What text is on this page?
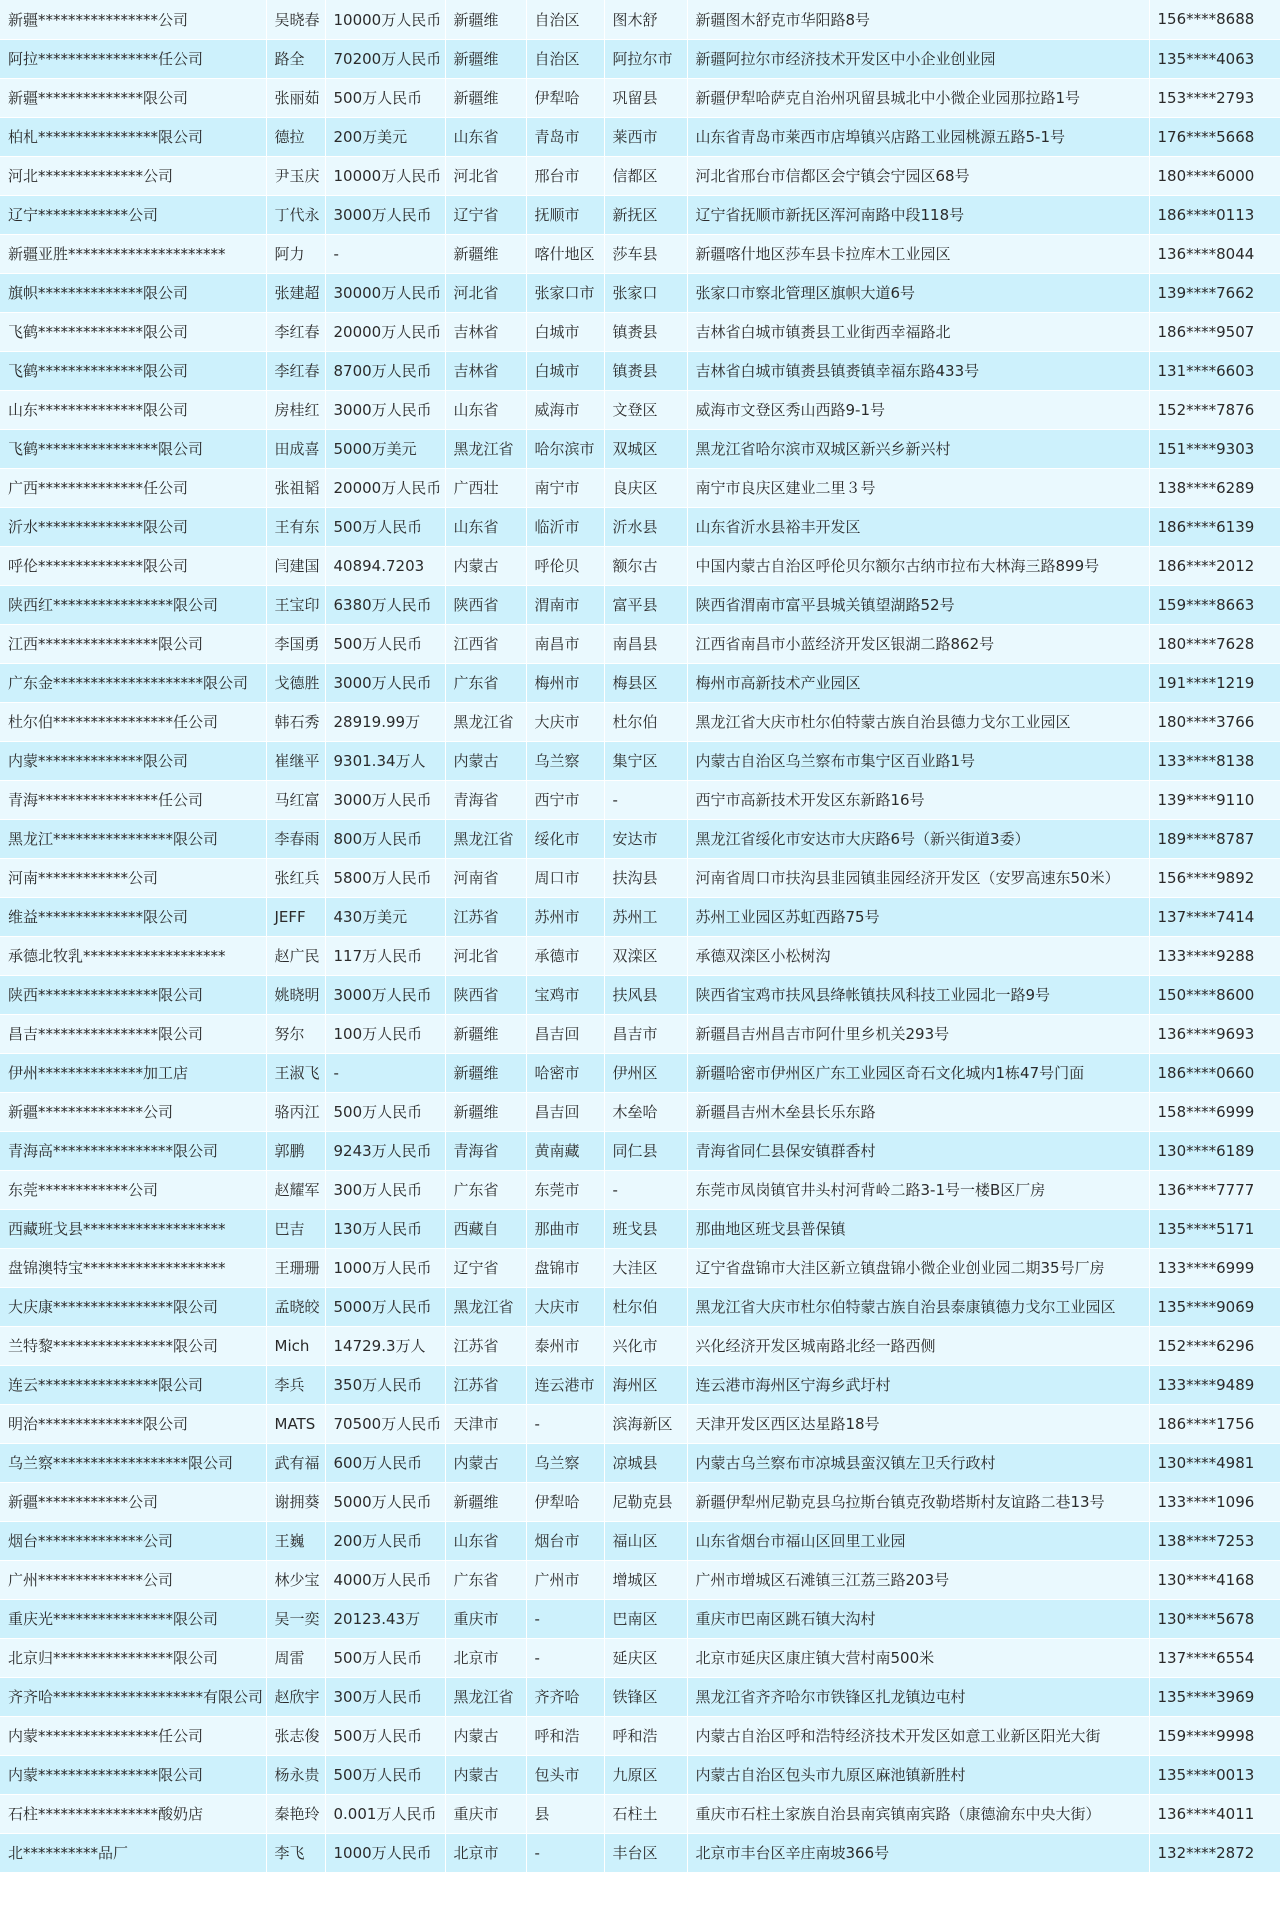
新疆****************公司	吴晓春	10000万人民币	新疆维	自治区	图木舒	新疆图木舒克市华阳路8号	156****8688
阿拉****************任公司	路全	70200万人民币	新疆维	自治区	阿拉尔市	新疆阿拉尔市经济技术开发区中小企业创业园	135****4063
新疆**************限公司	张丽茹	500万人民币	新疆维	伊犁哈	巩留县	新疆伊犁哈萨克自治州巩留县城北中小微企业园那拉路1号	153****2793
柏札****************限公司	德拉	200万美元	山东省	青岛市	莱西市	山东省青岛市莱西市店埠镇兴店路工业园桃源五路5-1号	176****5668
河北**************公司	尹玉庆	10000万人民币	河北省	邢台市	信都区	河北省邢台市信都区会宁镇会宁园区68号	180****6000
辽宁************公司	丁代永	3000万人民币	辽宁省	抚顺市	新抚区	辽宁省抚顺市新抚区浑河南路中段118号	186****0113
新疆亚胜*********************	阿力	-	新疆维	喀什地区	莎车县	新疆喀什地区莎车县卡拉库木工业园区	136****8044
旗帜**************限公司	张建超	30000万人民币	河北省	张家口市	张家口	张家口市察北管理区旗帜大道6号	139****7662
飞鹤**************限公司	李红春	20000万人民币	吉林省	白城市	镇赉县	吉林省白城市镇赉县工业街西幸福路北	186****9507
飞鹤**************限公司	李红春	8700万人民币	吉林省	白城市	镇赉县	吉林省白城市镇赉县镇赉镇幸福东路433号	131****6603
山东**************限公司	房桂红	3000万人民币	山东省	威海市	文登区	威海市文登区秀山西路9-1号	152****7876
飞鹤****************限公司	田成喜	5000万美元	黑龙江省	哈尔滨市	双城区	黑龙江省哈尔滨市双城区新兴乡新兴村	151****9303
广西**************任公司	张祖韬	20000万人民币	广西壮	南宁市	良庆区	南宁市良庆区建业二里３号	138****6289
沂水**************限公司	王有东	500万人民币	山东省	临沂市	沂水县	山东省沂水县裕丰开发区	186****6139
呼伦**************限公司	闫建国	40894.7203	内蒙古	呼伦贝	额尔古	中国内蒙古自治区呼伦贝尔额尔古纳市拉布大林海三路899号	186****2012
陕西红****************限公司	王宝印	6380万人民币	陕西省	渭南市	富平县	陕西省渭南市富平县城关镇望湖路52号	159****8663
江西****************限公司	李国勇	500万人民币	江西省	南昌市	南昌县	江西省南昌市小蓝经济开发区银湖二路862号	180****7628
广东金********************限公司	戈德胜	3000万人民币	广东省	梅州市	梅县区	梅州市高新技术产业园区	191****1219
杜尔伯****************任公司	韩石秀	28919.99万	黑龙江省	大庆市	杜尔伯	黑龙江省大庆市杜尔伯特蒙古族自治县德力戈尔工业园区	180****3766
内蒙**************限公司	崔继平	9301.34万人	内蒙古	乌兰察	集宁区	内蒙古自治区乌兰察布市集宁区百业路1号	133****8138
青海****************任公司	马红富	3000万人民币	青海省	西宁市	-	西宁市高新技术开发区东新路16号	139****9110
黑龙江****************限公司	李春雨	800万人民币	黑龙江省	绥化市	安达市	黑龙江省绥化市安达市大庆路6号（新兴街道3委）	189****8787
河南************公司	张红兵	5800万人民币	河南省	周口市	扶沟县	河南省周口市扶沟县韭园镇韭园经济开发区（安罗高速东50米）	156****9892
维益**************限公司	JEFF	430万美元	江苏省	苏州市	苏州工	苏州工业园区苏虹西路75号	137****7414
承德北牧乳*******************	赵广民	117万人民币	河北省	承德市	双滦区	承德双滦区小松树沟	133****9288
陕西****************限公司	姚晓明	3000万人民币	陕西省	宝鸡市	扶风县	陕西省宝鸡市扶风县绛帐镇扶风科技工业园北一路9号	150****8600
昌吉****************限公司	努尔	100万人民币	新疆维	昌吉回	昌吉市	新疆昌吉州昌吉市阿什里乡机关293号	136****9693
伊州**************加工店	王淑飞	-	新疆维	哈密市	伊州区	新疆哈密市伊州区广东工业园区奇石文化城内1栋47号门面	186****0660
新疆**************公司	骆丙江	500万人民币	新疆维	昌吉回	木垒哈	新疆昌吉州木垒县长乐东路	158****6999
青海高****************限公司	郭鹏	9243万人民币	青海省	黄南藏	同仁县	青海省同仁县保安镇群香村	130****6189
东莞************公司	赵耀军	300万人民币	广东省	东莞市	-	东莞市凤岗镇官井头村河背岭二路3-1号一楼B区厂房	136****7777
西藏班戈县*******************	巴吉	130万人民币	西藏自	那曲市	班戈县	那曲地区班戈县普保镇	135****5171
盘锦澳特宝*******************	王珊珊	1000万人民币	辽宁省	盘锦市	大洼区	辽宁省盘锦市大洼区新立镇盘锦小微企业创业园二期35号厂房	133****6999
大庆康****************限公司	孟晓皎	5000万人民币	黑龙江省	大庆市	杜尔伯	黑龙江省大庆市杜尔伯特蒙古族自治县泰康镇德力戈尔工业园区	135****9069
兰特黎****************限公司	Mich	14729.3万人	江苏省	泰州市	兴化市	兴化经济开发区城南路北经一路西侧	152****6296
连云****************限公司	李兵	350万人民币	江苏省	连云港市	海州区	连云港市海州区宁海乡武圩村	133****9489
明治**************限公司	MATS	70500万人民币	天津市	-	滨海新区	天津开发区西区达星路18号	186****1756
乌兰察******************限公司	武有福	600万人民币	内蒙古	乌兰察	凉城县	内蒙古乌兰察布市凉城县蛮汉镇左卫夭行政村	130****4981
新疆************公司	谢拥葵	5000万人民币	新疆维	伊犁哈	尼勒克县	新疆伊犁州尼勒克县乌拉斯台镇克孜勒塔斯村友谊路二巷13号	133****1096
烟台**************公司	王巍	200万人民币	山东省	烟台市	福山区	山东省烟台市福山区回里工业园	138****7253
广州**************公司	林少宝	4000万人民币	广东省	广州市	增城区	广州市增城区石滩镇三江荔三路203号	130****4168
重庆光****************限公司	吴一奕	20123.43万	重庆市	-	巴南区	重庆市巴南区跳石镇大沟村	130****5678
北京归****************限公司	周雷	500万人民币	北京市	-	延庆区	北京市延庆区康庄镇大营村南500米	137****6554
齐齐哈********************有限公司	赵欣宇	300万人民币	黑龙江省	齐齐哈	铁锋区	黑龙江省齐齐哈尔市铁锋区扎龙镇边屯村	135****3969
内蒙****************任公司	张志俊	500万人民币	内蒙古	呼和浩	呼和浩	内蒙古自治区呼和浩特经济技术开发区如意工业新区阳光大街	159****9998
内蒙****************限公司	杨永贵	500万人民币	内蒙古	包头市	九原区	内蒙古自治区包头市九原区麻池镇新胜村	135****0013
石柱****************酸奶店	秦艳玲	0.001万人民币	重庆市	县	石柱土	重庆市石柱土家族自治县南宾镇南宾路（康德渝东中央大街）	136****4011
北**********品厂	李飞	1000万人民币	北京市	-	丰台区	北京市丰台区辛庄南坡366号	132****2872
